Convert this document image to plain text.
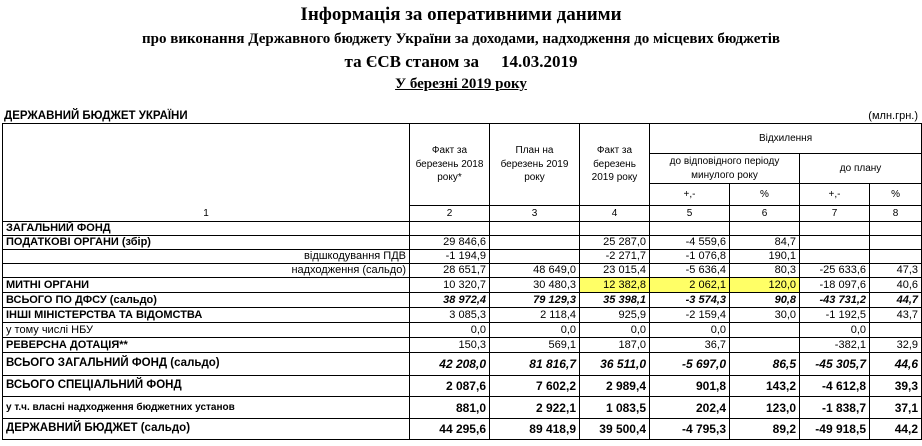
Інформація за оперативними даними
про виконання Державного бюджету України за доходами, надходження до місцевих бюджетів
та ЄСВ станом за 14.03.2019
У березні 2019 року
ДЕРЖАВНИЙ БЮДЖЕТ УКРАЇНИ	(млн.грн.)
	Факт за березень 2018 року*	План на березень 2019 року	Факт за березень 2019 року	Відхилення			
				до відповідного періоду минулого року		до плану	
				+,-	%	+,-	%
1	2	3	4	5	6	7	8
ЗАГАЛЬНИЙ ФОНД							
ПОДАТКОВІ ОРГАНИ (збір)	29 846,6		25 287,0	-4 559,6	84,7		
відшкодування ПДВ	-1 194,9		-2 271,7	-1 076,8	190,1		
надходження (сальдо)	28 651,7	48 649,0	23 015,4	-5 636,4	80,3	-25 633,6	47,3
МИТНІ ОРГАНИ	10 320,7	30 480,3	12 382,8	2 062,1	120,0	-18 097,6	40,6
ВСЬОГО ПО ДФСУ (сальдо)	38 972,4	79 129,3	35 398,1	-3 574,3	90,8	-43 731,2	44,7
ІНШІ МІНІСТЕРСТВА ТА ВІДОМСТВА	3 085,3	2 118,4	925,9	-2 159,4	30,0	-1 192,5	43,7
у тому числі НБУ	0,0	0,0	0,0	0,0		0,0	
РЕВЕРСНА ДОТАЦІЯ**	150,3	569,1	187,0	36,7		-382,1	32,9
ВСЬОГО ЗАГАЛЬНИЙ ФОНД (сальдо)	42 208,0	81 816,7	36 511,0	-5 697,0	86,5	-45 305,7	44,6
ВСЬОГО СПЕЦІАЛЬНИЙ ФОНД	2 087,6	7 602,2	2 989,4	901,8	143,2	-4 612,8	39,3
у т.ч. власні надходження бюджетних установ	881,0	2 922,1	1 083,5	202,4	123,0	-1 838,7	37,1
ДЕРЖАВНИЙ БЮДЖЕТ (сальдо)	44 295,6	89 418,9	39 500,4	-4 795,3	89,2	-49 918,5	44,2
